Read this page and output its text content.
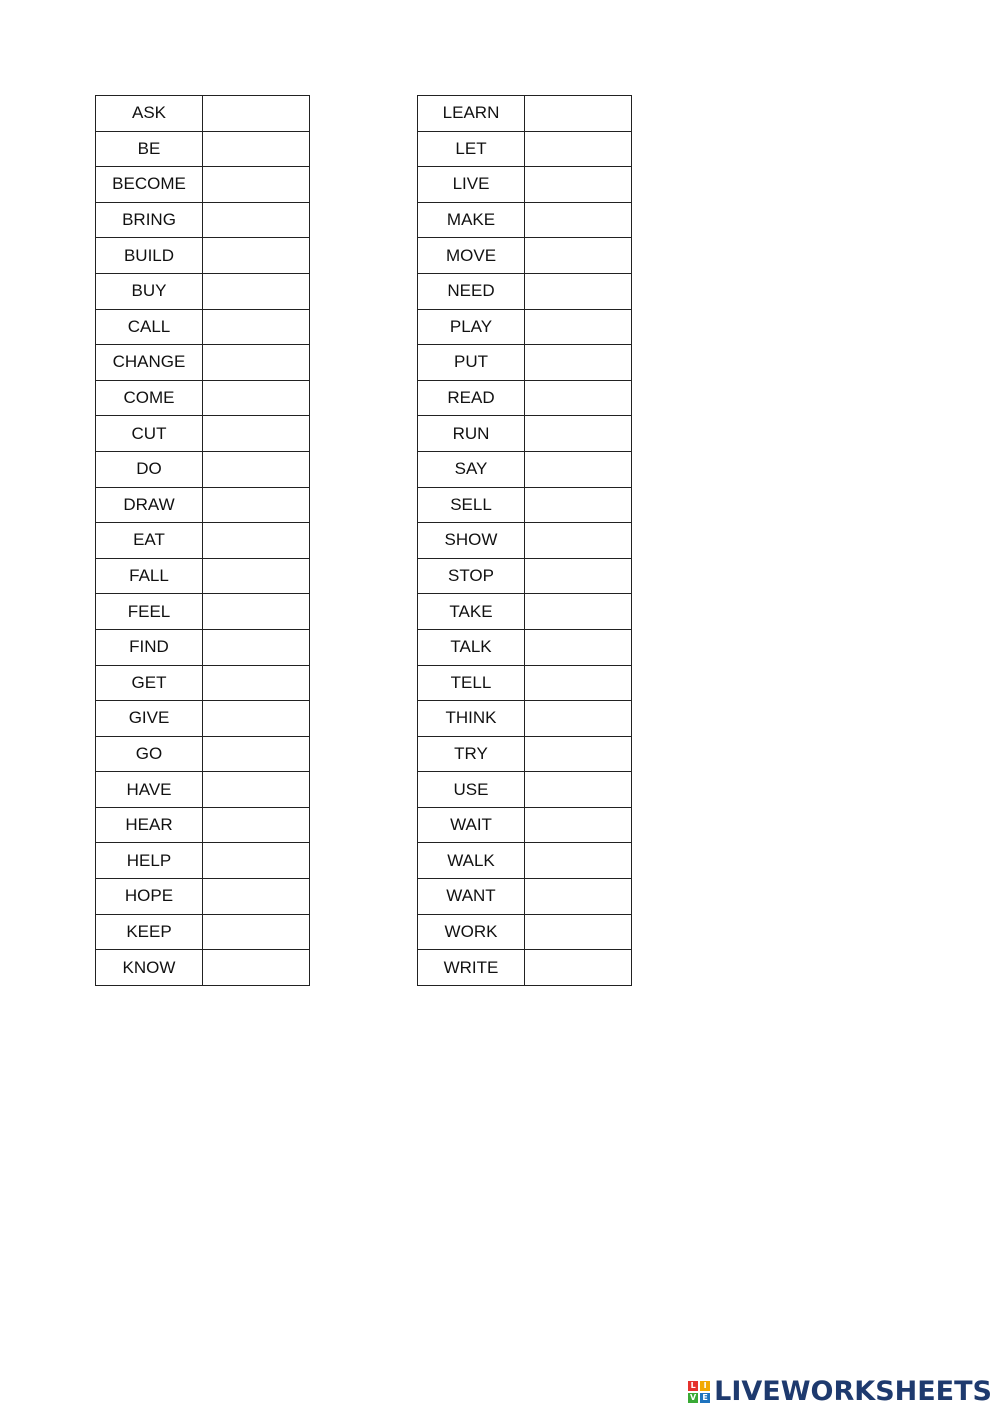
ASK	
BE	
BECOME	
BRING	
BUILD	
BUY	
CALL	
CHANGE	
COME	
CUT	
DO	
DRAW	
EAT	
FALL	
FEEL	
FIND	
GET	
GIVE	
GO	
HAVE	
HEAR	
HELP	
HOPE	
KEEP	
KNOW	
LEARN	
LET	
LIVE	
MAKE	
MOVE	
NEED	
PLAY	
PUT	
READ	
RUN	
SAY	
SELL	
SHOW	
STOP	
TAKE	
TALK	
TELL	
THINK	
TRY	
USE	
WAIT	
WALK	
WANT	
WORK	
WRITE	
L I
V E LIVEWORKSHEETS
